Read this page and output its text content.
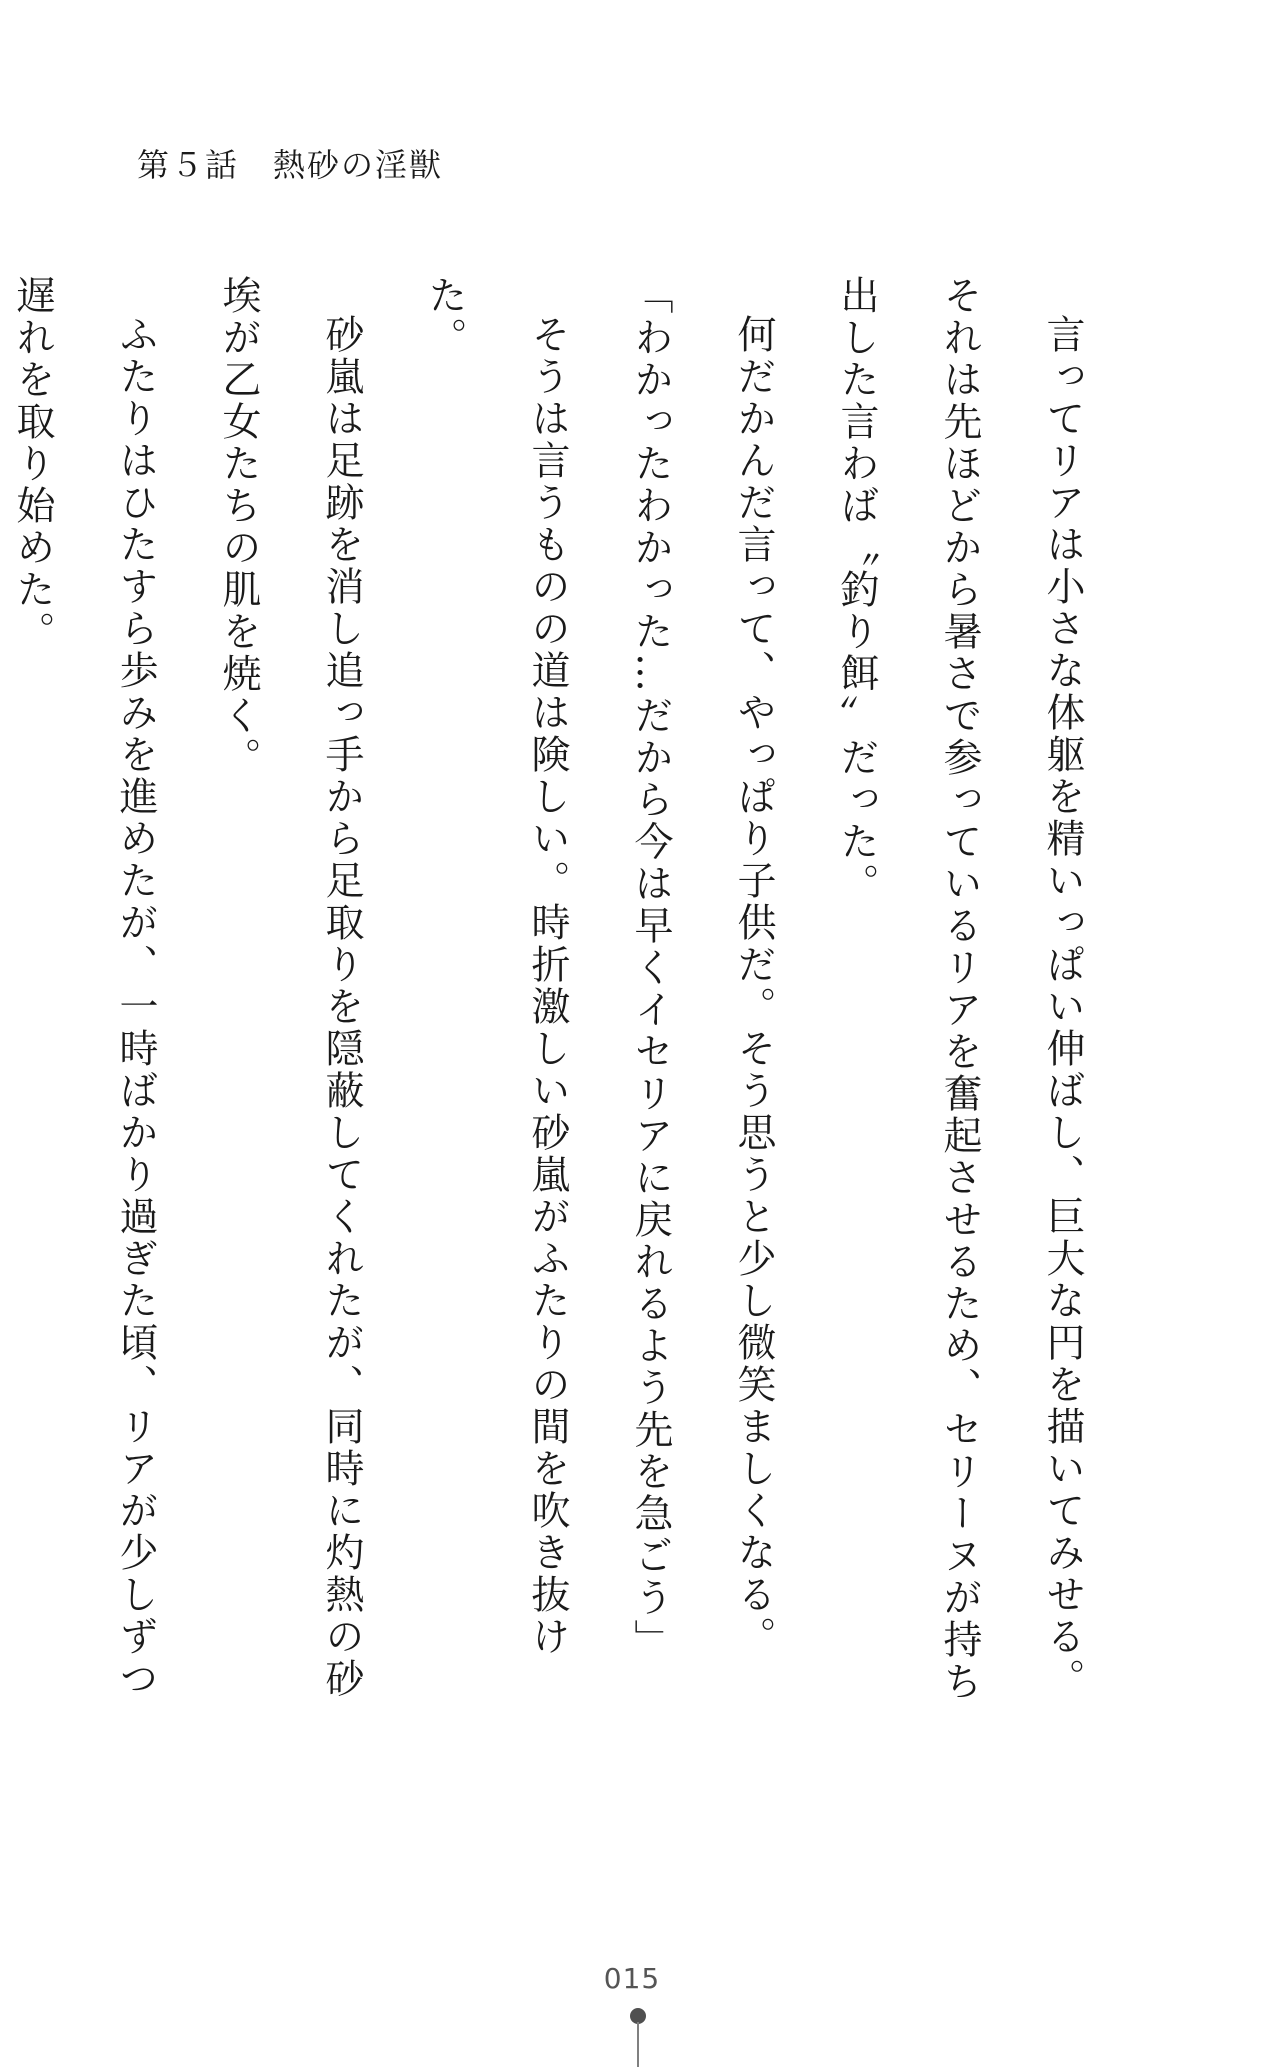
第５話　熱砂の淫獣

言ってリアは小さな体躯を精いっぱい伸ばし、巨大な円を描いてみせる。それは先ほどから暑さで参っているリアを奮起させるため、セリーヌが持ち出した言わば〝釣り餌〟だった。

何だかんだ言って、やっぱり子供だ。そう思うと少し微笑ましくなる。

「わかったわかった…だから今は早くイセリアに戻れるよう先を急ごう」

そうは言うものの道は険しい。時折激しい砂嵐がふたりの間を吹き抜けた。

砂嵐は足跡を消し追っ手から足取りを隠蔽してくれたが、同時に灼熱の砂埃が乙女たちの肌を焼く。

ふたりはひたすら歩みを進めたが、一時ばかり過ぎた頃、リアが少しずつ遅れを取り始めた。

015
